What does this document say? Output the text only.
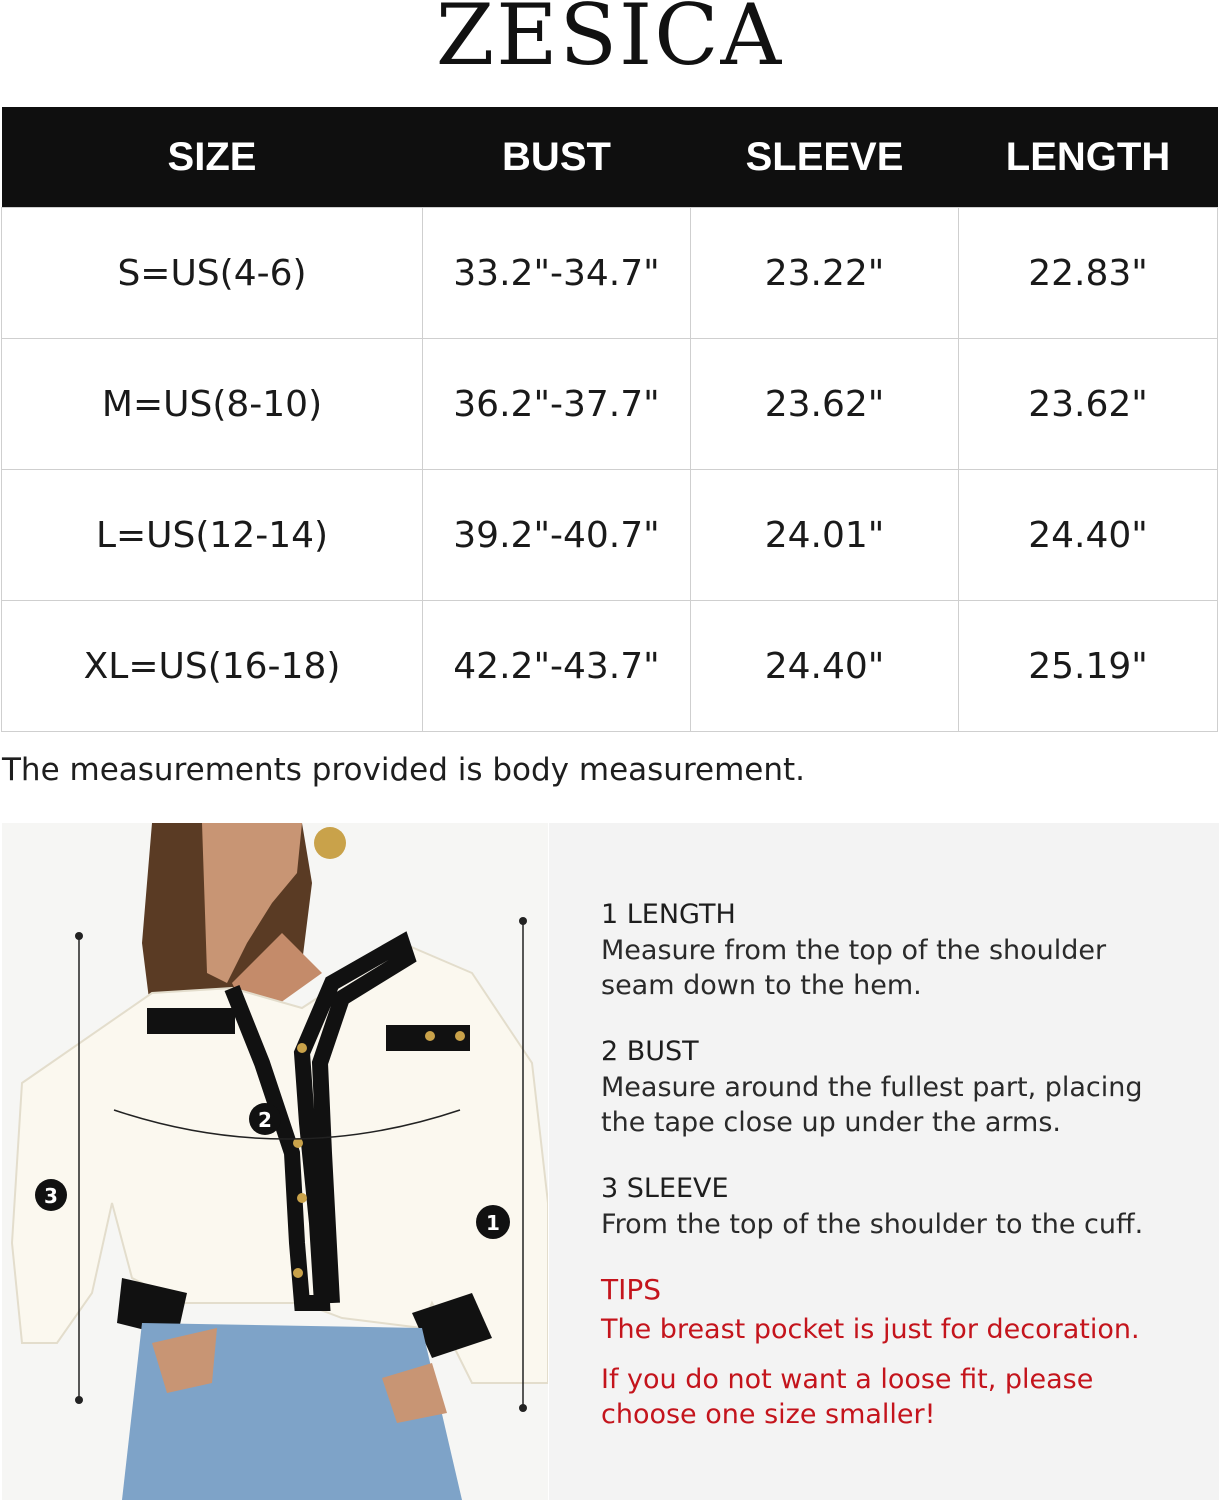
ZESICA
SIZE	BUST	SLEEVE	LENGTH
S=US(4-6)	33.2"-34.7"	23.22"	22.83"
M=US(8-10)	36.2"-37.7"	23.62"	23.62"
L=US(12-14)	39.2"-40.7"	24.01"	24.40"
XL=US(16-18)	42.2"-43.7"	24.40"	25.19"
The measurements provided is body measurement.
2
3
1
1 LENGTH
Measure from the top of the shoulder
seam down to the hem.
2 BUST
Measure around the fullest part, placing
the tape close up under the arms.
3 SLEEVE
From the top of the shoulder to the cuff.
TIPS
The breast pocket is just for decoration.
If you do not want a loose fit, please
choose one size smaller!
